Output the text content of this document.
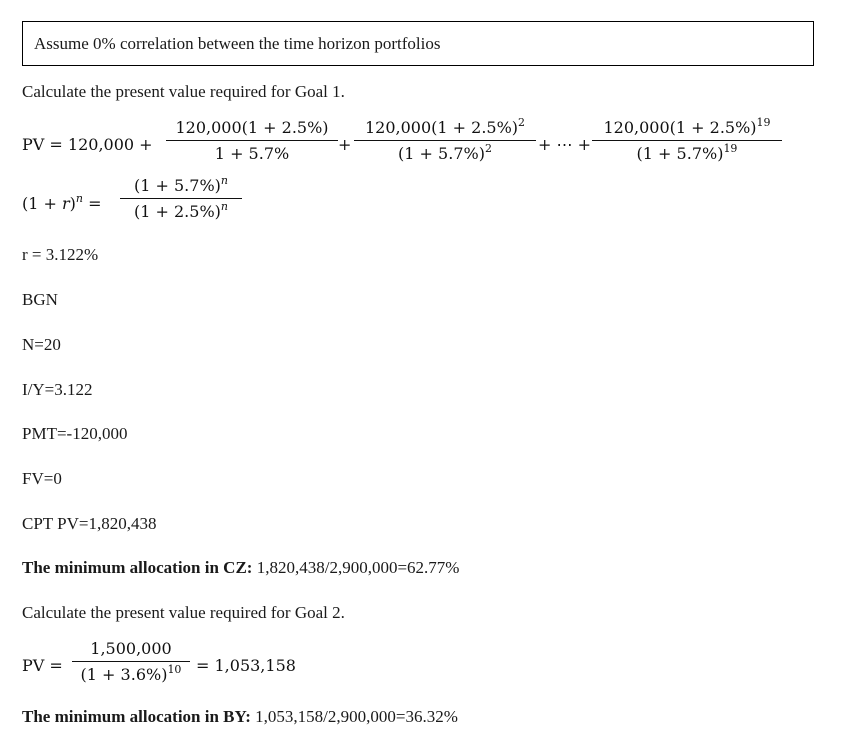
Assume 0% correlation between the time horizon portfolios
Calculate the present value required for Goal 1.
PV = 120,000 +
120,000(1 + 2.5%)
1 + 5.7%	+
$120,000(1 + 2.5\%)^2$
$(1 + 5.7\%)^2$	+ ⋯ +
$120,000(1 + 2.5\%)^{19}$
$(1 + 5.7\%)^{19}$
$(1 + r)^n$ =
$(1 + 5.7\%)^n$
$(1 + 2.5\%)^n$
r = 3.122%
BGN
N=20
I/Y=3.122
PMT=-120,000
FV=0
CPT PV=1,820,438
The minimum allocation in CZ: 1,820,438/2,900,000=62.77%
Calculate the present value required for Goal 2.
PV =
1,500,000
$(1 + 3.6\%)^{10} = 1,053,158$
The minimum allocation in BY: 1,053,158/2,900,000=36.32%
